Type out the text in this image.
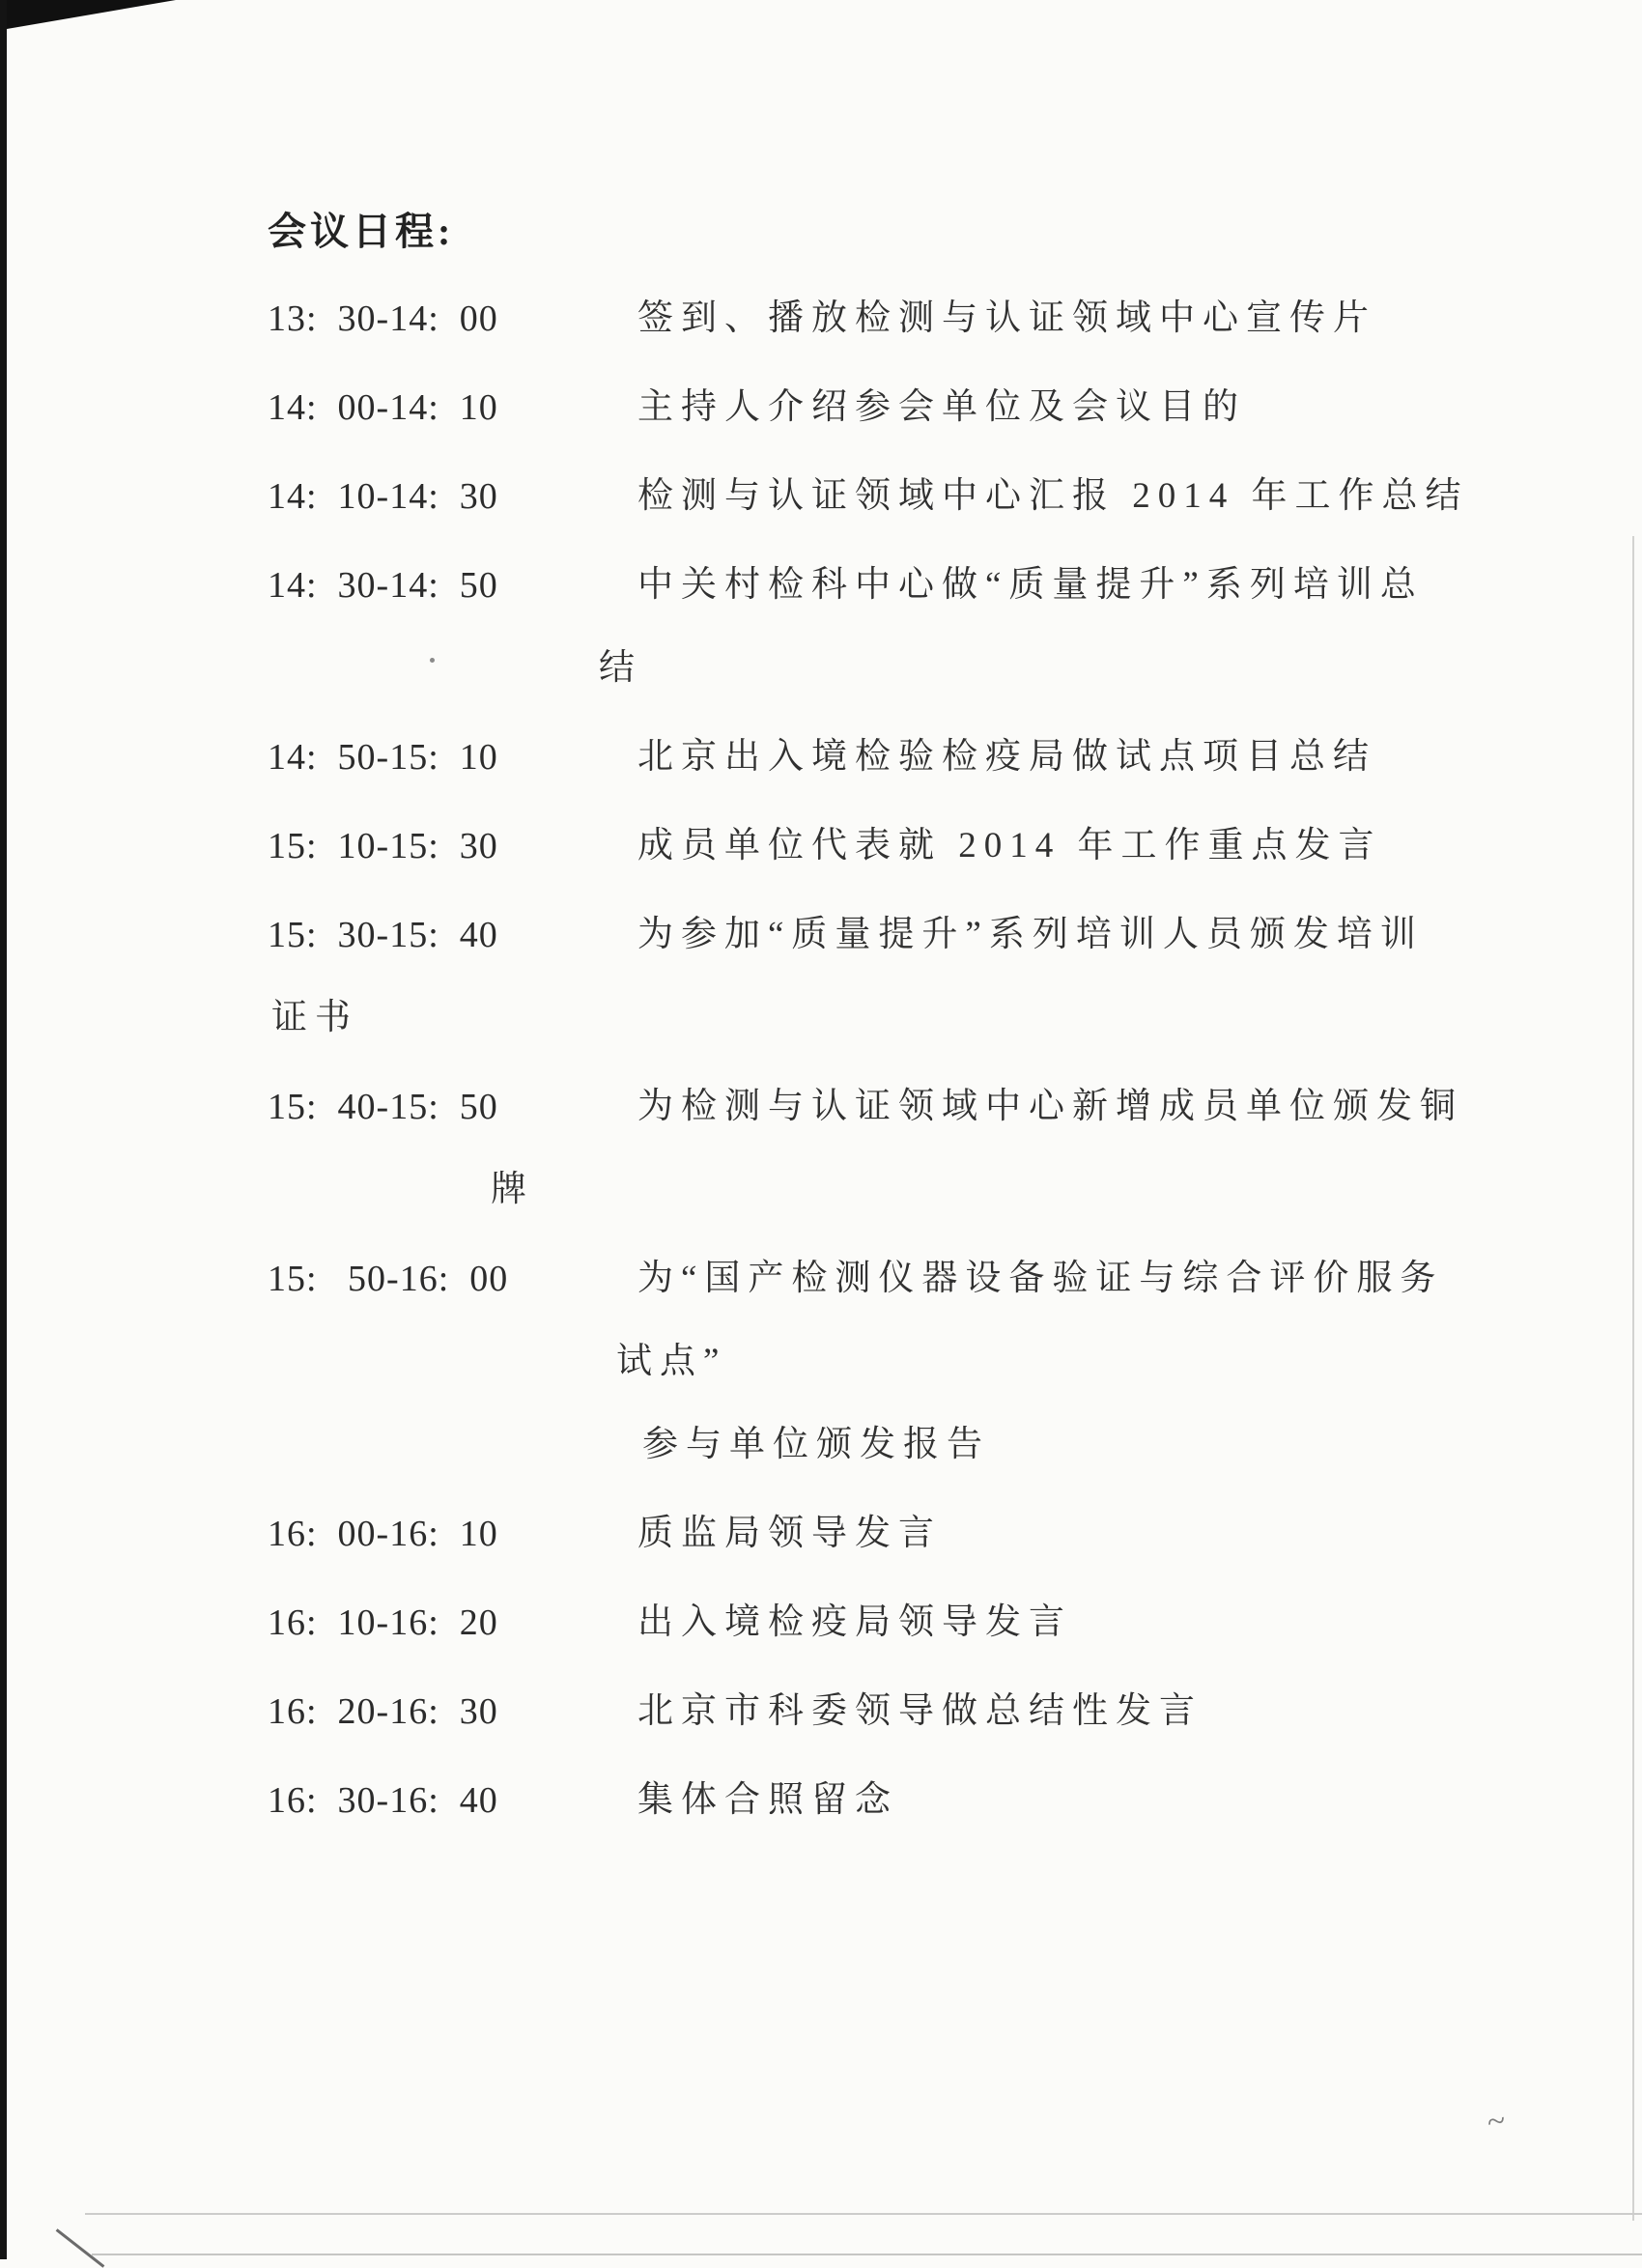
~
会议日程:
13:  30-14:  00	签到、播放检测与认证领域中心宣传片
14:  00-14:  10	主持人介绍参会单位及会议目的
14:  10-14:  30	检测与认证领域中心汇报 2014 年工作总结
14:  30-14:  50	中关村检科中心做“质量提升”系列培训总
结
14:  50-15:  10	北京出入境检验检疫局做试点项目总结
15:  10-15:  30	成员单位代表就 2014 年工作重点发言
15:  30-15:  40	为参加“质量提升”系列培训人员颁发培训
证书
15:  40-15:  50	为检测与认证领域中心新增成员单位颁发铜
牌
15:   50-16:  00	为“国产检测仪器设备验证与综合评价服务
试点”
参与单位颁发报告
16:  00-16:  10	质监局领导发言
16:  10-16:  20	出入境检疫局领导发言
16:  20-16:  30	北京市科委领导做总结性发言
16:  30-16:  40	集体合照留念
